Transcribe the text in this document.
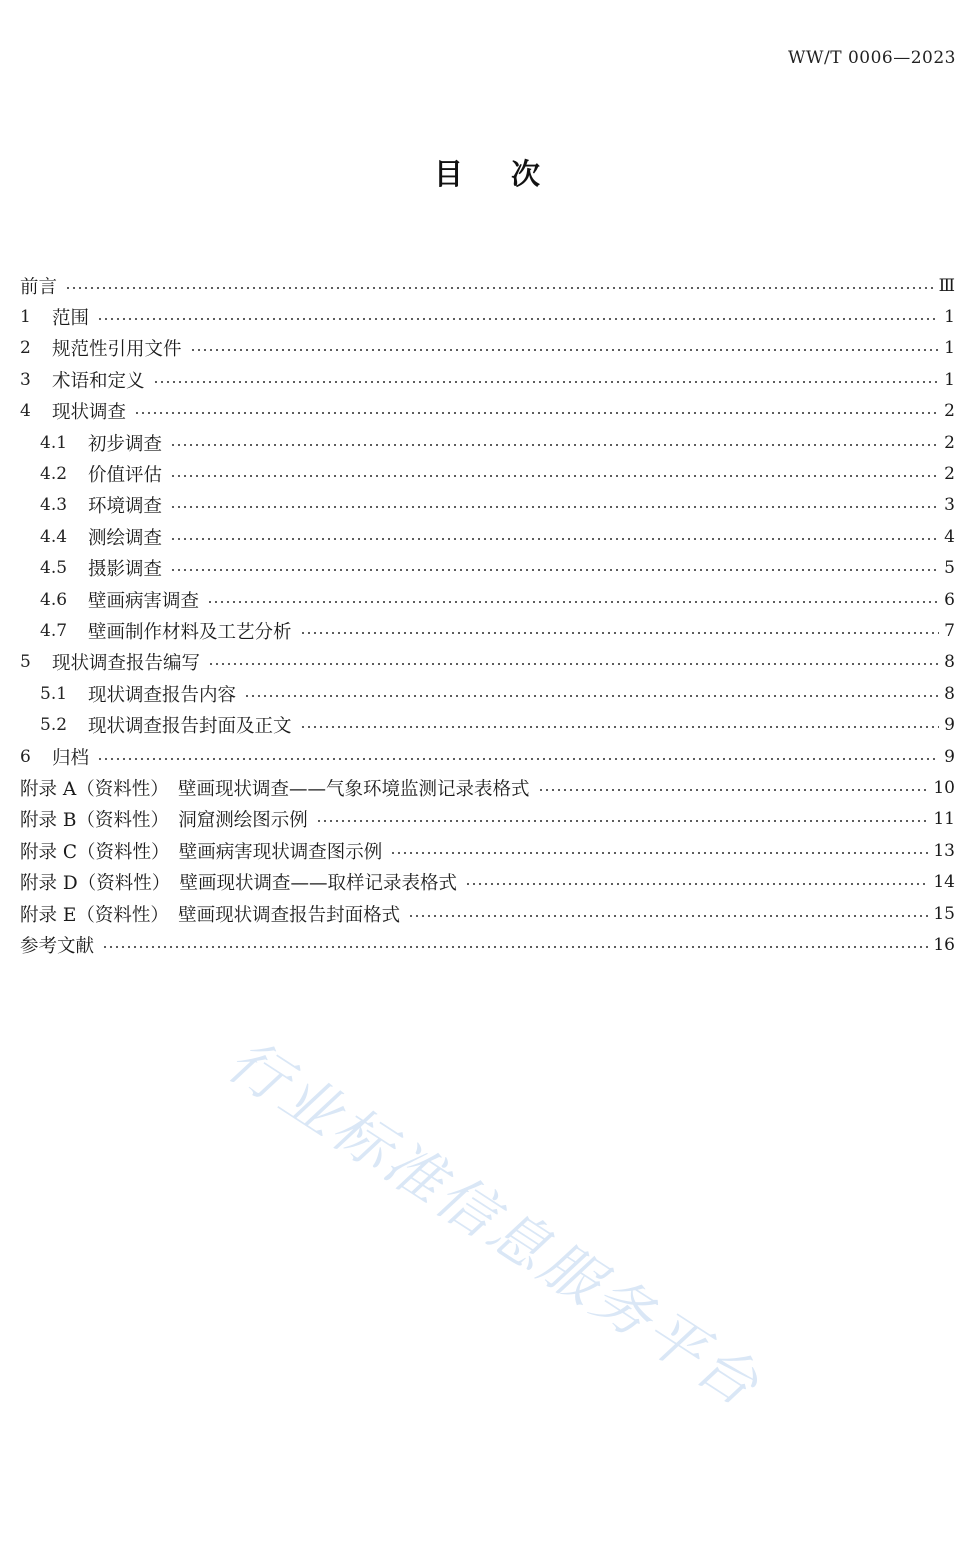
WW/T 0006—2023
目 次
前言	Ⅲ
1	范围	1
2	规范性引用文件	1
3	术语和定义	1
4	现状调查	2
4.1	初步调查	2
4.2	价值评估	2
4.3	环境调查	3
4.4	测绘调查	4
4.5	摄影调查	5
4.6	壁画病害调查	6
4.7	壁画制作材料及工艺分析	7
5	现状调查报告编写	8
5.1	现状调查报告内容	8
5.2	现状调查报告封面及正文	9
6	归档	9
附录 A（资料性）　壁画现状调查——气象环境监测记录表格式	10
附录 B（资料性）　洞窟测绘图示例	11
附录 C（资料性）　壁画病害现状调查图示例	13
附录 D（资料性）　壁画现状调查——取样记录表格式	14
附录 E（资料性）　壁画现状调查报告封面格式	15
参考文献	16
行业标准信息服务平台
